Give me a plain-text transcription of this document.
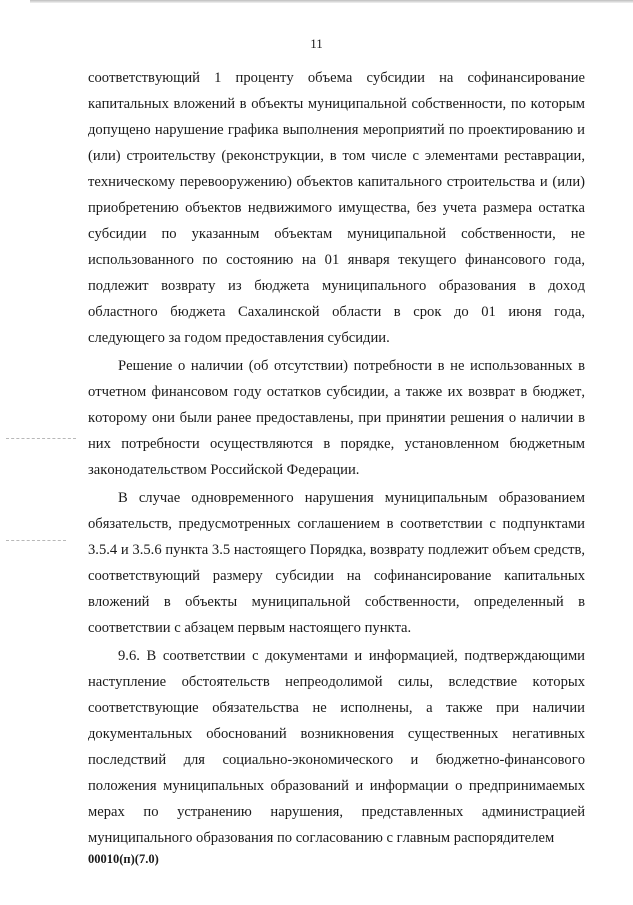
11

соответствующий 1 проценту объема субсидии на софинансирование капитальных вложений в объекты муниципальной собственности, по которым допущено нарушение графика выполнения мероприятий по проектированию и (или) строительству (реконструкции, в том числе с элементами реставрации, техническому перевооружению) объектов капитального строительства и (или) приобретению объектов недвижимого имущества, без учета размера остатка субсидии по указанным объектам муниципальной собственности, не использованного по состоянию на 01 января текущего финансового года, подлежит возврату из бюджета муниципального образования в доход областного бюджета Сахалинской области в срок до 01 июня года, следующего за годом предоставления субсидии.

Решение о наличии (об отсутствии) потребности в не использованных в отчетном финансовом году остатков субсидии, а также их возврат в бюджет, которому они были ранее предоставлены, при принятии решения о наличии в них потребности осуществляются в порядке, установленном бюджетным законодательством Российской Федерации.

В случае одновременного нарушения муниципальным образованием обязательств, предусмотренных соглашением в соответствии с подпунктами 3.5.4 и 3.5.6 пункта 3.5 настоящего Порядка, возврату подлежит объем средств, соответствующий размеру субсидии на софинансирование капитальных вложений в объекты муниципальной собственности, определенный в соответствии с абзацем первым настоящего пункта.

9.6. В соответствии с документами и информацией, подтверждающими наступление обстоятельств непреодолимой силы, вследствие которых соответствующие обязательства не исполнены, а также при наличии документальных обоснований возникновения существенных негативных последствий для социально-экономического и бюджетно-финансового положения муниципальных образований и информации о предпринимаемых мерах по устранению нарушения, представленных администрацией муниципального образования по согласованию с главным распорядителем

00010(п)(7.0)
